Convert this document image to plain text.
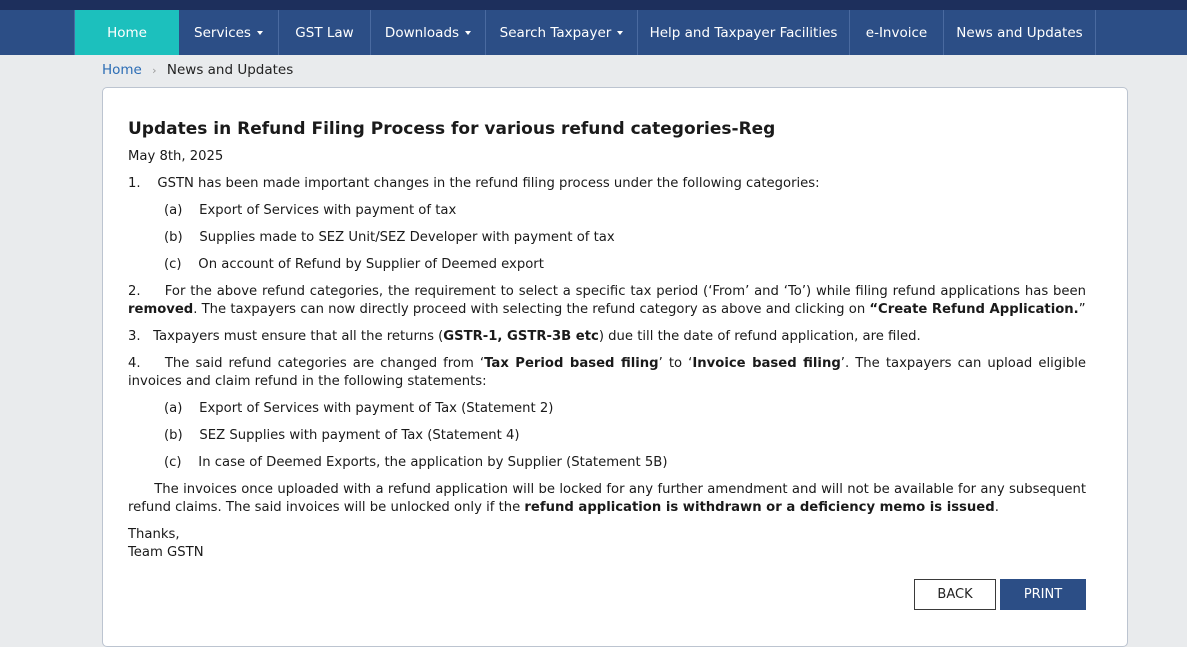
Home	Services	GST Law Downloads	Search Taxpayer	Help and Taxpayer Facilities e-Invoice News and Updates
Home › News and Updates
Updates in Refund Filing Process for various refund categories-Reg
May 8th, 2025

1.    GSTN has been made important changes in the refund filing process under the following categories:

(a)    Export of Services with payment of tax
(b)    Supplies made to SEZ Unit/SEZ Developer with payment of tax
(c)    On account of Refund by Supplier of Deemed export

2.     For the above refund categories, the requirement to select a specific tax period (‘From’ and ‘To’) while filing refund applications has been removed. The taxpayers can now directly proceed with selecting the refund category as above and clicking on “Create Refund Application.”

3.   Taxpayers must ensure that all the returns (GSTR-1, GSTR-3B etc) due till the date of refund application, are filed.

4.    The said refund categories are changed from ‘Tax Period based filing’ to ‘Invoice based filing’. The taxpayers can upload eligible invoices and claim refund in the following statements:

(a)    Export of Services with payment of Tax (Statement 2)
(b)    SEZ Supplies with payment of Tax (Statement 4)
(c)    In case of Deemed Exports, the application by Supplier (Statement 5B)

The invoices once uploaded with a refund application will be locked for any further amendment and will not be available for any subsequent refund claims. The said invoices will be unlocked only if the refund application is withdrawn or a deficiency memo is issued.

Thanks,
Team GSTN
BACK	PRINT
